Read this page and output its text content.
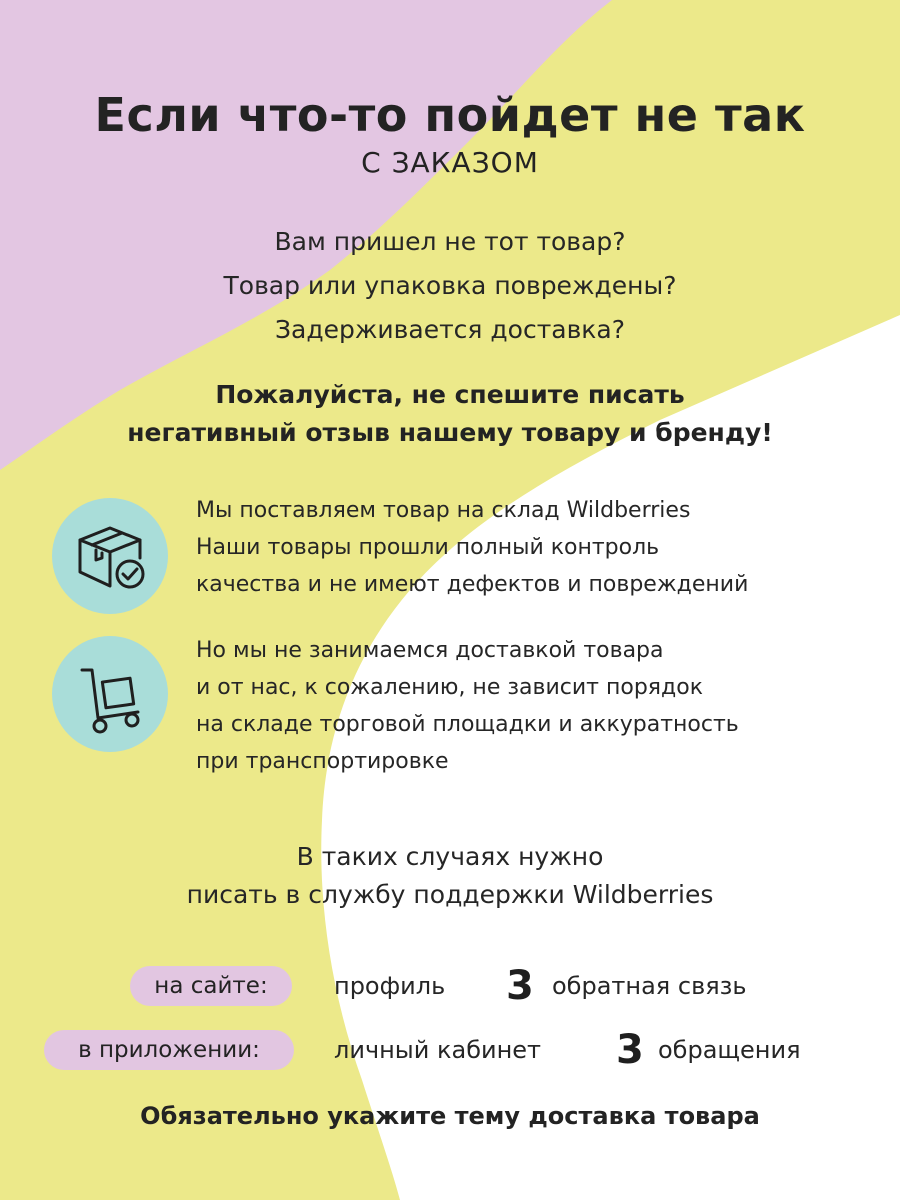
Если что-то пойдет не так
С ЗАКАЗОМ
Вам пришел не тот товар?
Товар или упаковка повреждены?
Задерживается доставка?
Пожалуйста, не спешите писать
негативный отзыв нашему товару и бренду!
Мы поставляем товар на склад Wildberries
Наши товары прошли полный контроль
качества и не имеют дефектов и повреждений
Но мы не занимаемся доставкой товара
и от нас, к сожалению, не зависит порядок
на складе торговой площадки и аккуратность
при транспортировке
В таких случаях нужно
писать в службу поддержки Wildberries
на сайте:	профиль 3 обратная связь
в приложении:	личный кабинет 3 обращения
Обязательно укажите тему доставка товара
